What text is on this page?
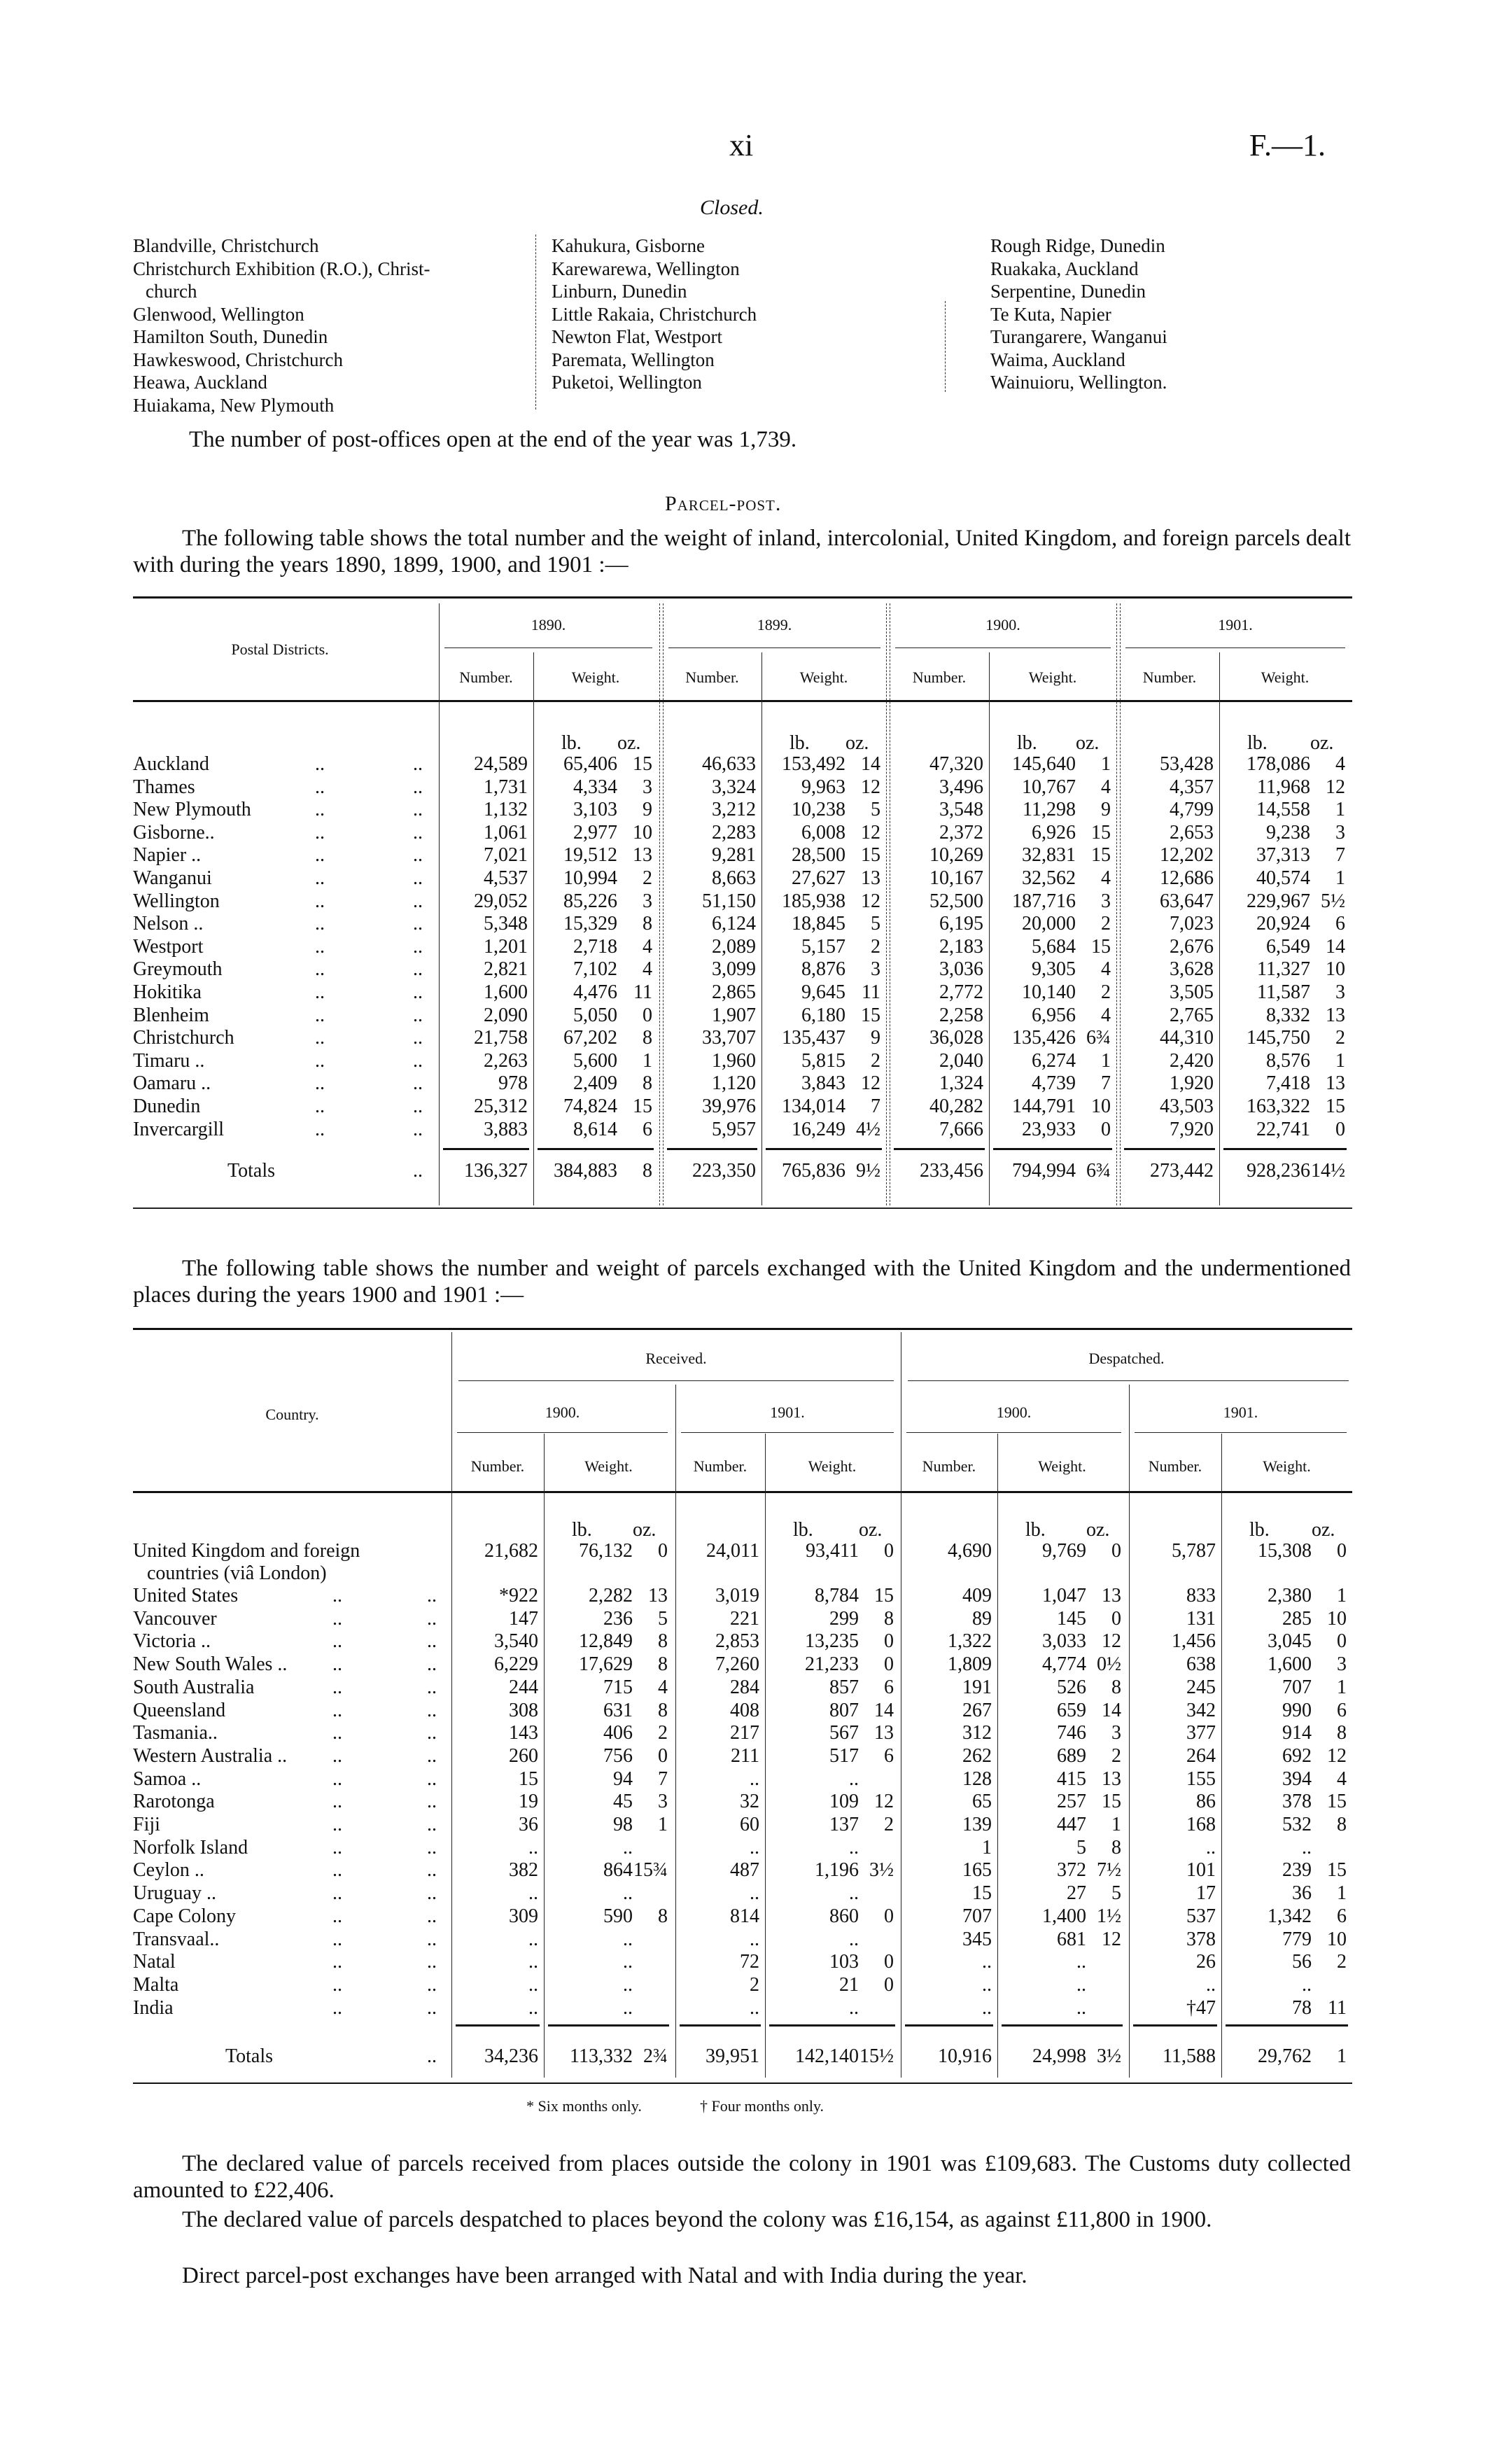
xi	F.—1.
Closed.
Blandville, Christchurch
Christchurch Exhibition (R.O.), Christ-
church
Glenwood, Wellington
Hamilton South, Dunedin
Hawkeswood, Christchurch
Heawa, Auckland
Huiakama, New Plymouth
Kahukura, Gisborne
Karewarewa, Wellington
Linburn, Dunedin
Little Rakaia, Christchurch
Newton Flat, Westport
Paremata, Wellington
Puketoi, Wellington
Rough Ridge, Dunedin
Ruakaka, Auckland
Serpentine, Dunedin
Te Kuta, Napier
Turangarere, Wanganui
Waima, Auckland
Wainuioru, Wellington.
The number of post-offices open at the end of the year was 1,739.
Parcel-post.
The following table shows the total number and the weight of inland, intercolonial, United Kingdom, and foreign parcels dealt with during the years 1890, 1899, 1900, and 1901 :—
Postal Districts.
1890.
Number.	Weight.
lb. oz.
1899.
Number.	Weight.
lb. oz.
1900.
Number.	Weight.
lb. oz.
1901.
Number.	Weight.
lb. oz.
Auckland	..	..	24,589	65,406 15	46,633	153,492 14	47,320	145,640	1	53,428	178,086	4
Thames	..	..	1,731	4,334	3	3,324	9,963 12	3,496	10,767	4	4,357	11,968 12
New Plymouth	..	..	1,132	3,103	9	3,212	10,238	5	3,548	11,298	9	4,799	14,558	1
Gisborne..	..	..	1,061	2,977 10	2,283	6,008 12	2,372	6,926 15	2,653	9,238	3
Napier ..	..	..	7,021	19,512 13	9,281	28,500 15	10,269	32,831 15	12,202	37,313	7
Wanganui	..	..	4,537	10,994	2	8,663	27,627 13	10,167	32,562	4	12,686	40,574	1
Wellington	..	..	29,052	85,226	3	51,150	185,938 12	52,500	187,716	3	63,647	229,967 5½
Nelson ..	..	..	5,348	15,329	8	6,124	18,845	5	6,195	20,000	2	7,023	20,924	6
Westport	..	..	1,201	2,718	4	2,089	5,157	2	2,183	5,684 15	2,676	6,549 14
Greymouth	..	..	2,821	7,102	4	3,099	8,876	3	3,036	9,305	4	3,628	11,327 10
Hokitika	..	..	1,600	4,476 11	2,865	9,645 11	2,772	10,140	2	3,505	11,587	3
Blenheim	..	..	2,090	5,050	0	1,907	6,180 15	2,258	6,956	4	2,765	8,332 13
Christchurch	..	..	21,758	67,202	8	33,707	135,437	9	36,028	135,426 6¾	44,310	145,750	2
Timaru ..	..	..	2,263	5,600	1	1,960	5,815	2	2,040	6,274	1	2,420	8,576	1
Oamaru ..	..	..	978	2,409	8	1,120	3,843 12	1,324	4,739	7	1,920	7,418 13
Dunedin	..	..	25,312	74,824 15	39,976	134,014	7	40,282	144,791 10	43,503	163,322 15
Invercargill	..	..	3,883	8,614	6	5,957	16,249 4½	7,666	23,933	0	7,920	22,741	0
Totals	..	136,327	384,883	8	223,350	765,836 9½	233,456	794,994 6¾	273,442	928,236 14½
The following table shows the number and weight of parcels exchanged with the United Kingdom and the undermentioned places during the years 1900 and 1901 :—
Country.
Received.	Despatched.
1900.
Number.	Weight.
lb. oz.
1901.
Number.	Weight.
lb. oz.
1900.
Number.	Weight.
lb. oz.
1901.
Number.	Weight.
lb. oz.
United Kingdom and foreign	21,682	76,132	0	24,011	93,411	0	4,690	9,769	0	5,787	15,308	0
countries (viâ London)
United States	..	..	*922	2,282 13	3,019	8,784 15	409	1,047 13	833	2,380	1
Vancouver	..	..	147	236	5	221	299	8	89	145	0	131	285 10
Victoria ..	..	..	3,540	12,849	8	2,853	13,235	0	1,322	3,033 12	1,456	3,045	0
New South Wales .. ..	..	6,229	17,629	8	7,260	21,233	0	1,809	4,774 0½	638	1,600	3
South Australia	..	..	244	715	4	284	857	6	191	526	8	245	707	1
Queensland	..	..	308	631	8	408	807 14	267	659 14	342	990	6
Tasmania..	..	..	143	406	2	217	567 13	312	746	3	377	914	8
Western Australia .. ..	..	260	756	0	211	517	6	262	689	2	264	692 12
Samoa ..	..	..	15	94	7	..	..	128	415 13	155	394	4
Rarotonga	..	..	19	45	3	32	109 12	65	257 15	86	378 15
Fiji	..	..	36	98	1	60	137	2	139	447	1	168	532	8
Norfolk Island	..	..	..	..	..	..	1	5	8	..	..
Ceylon ..	..	..	382	864 15¾	487	1,196 3½	165	372 7½	101	239 15
Uruguay ..	..	..	..	..	..	..	15	27	5	17	36	1
Cape Colony	..	..	309	590	8	814	860	0	707	1,400 1½	537	1,342	6
Transvaal..	..	..	..	..	..	..	345	681 12	378	779 10
Natal	..	..	..	..	72	103	0	..	..	26	56	2
Malta	..	..	..	..	2	21	0	..	..	..	..
India	..	..	..	..	..	..	..	..	†47	78 11
Totals	..	34,236	113,332 2¾	39,951	142,140 15½	10,916	24,998 3½	11,588	29,762	1
* Six months only.	† Four months only.
The declared value of parcels received from places outside the colony in 1901 was £109,683. The Customs duty collected amounted to £22,406.
The declared value of parcels despatched to places beyond the colony was £16,154, as against £11,800 in 1900.
Direct parcel-post exchanges have been arranged with Natal and with India during the year.
